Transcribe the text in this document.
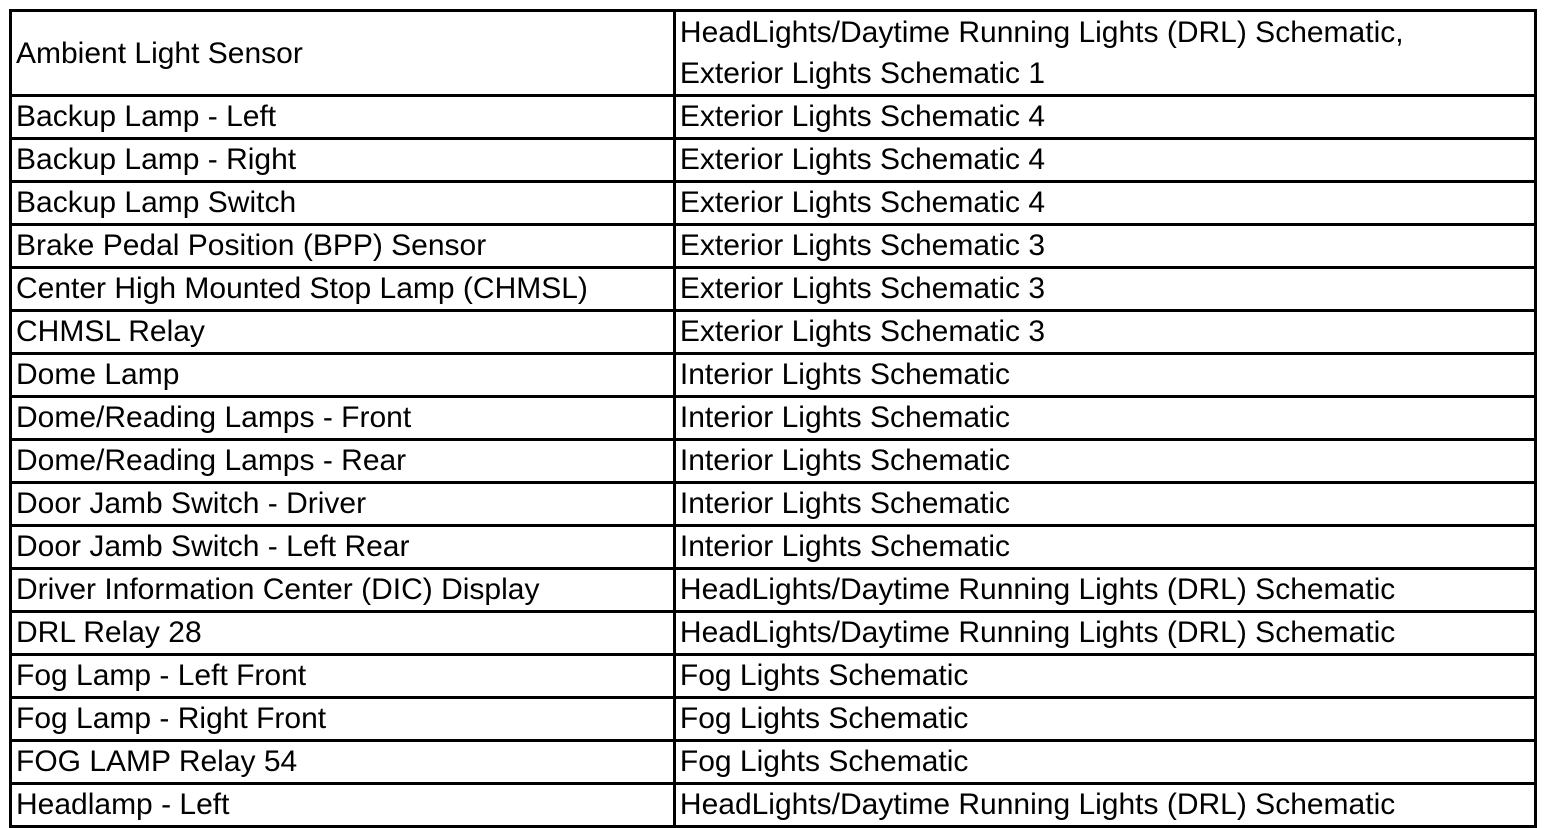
Ambient Light Sensor	HeadLights/Daytime Running Lights (DRL) Schematic,
Exterior Lights Schematic 1

Backup Lamp - Left	Exterior Lights Schematic 4
Backup Lamp - Right	Exterior Lights Schematic 4
Backup Lamp Switch	Exterior Lights Schematic 4
Brake Pedal Position (BPP) Sensor	Exterior Lights Schematic 3
Center High Mounted Stop Lamp (CHMSL)	Exterior Lights Schematic 3
CHMSL Relay	Exterior Lights Schematic 3
Dome Lamp	Interior Lights Schematic
Dome/Reading Lamps - Front	Interior Lights Schematic
Dome/Reading Lamps - Rear	Interior Lights Schematic
Door Jamb Switch - Driver	Interior Lights Schematic
Door Jamb Switch - Left Rear	Interior Lights Schematic
Driver Information Center (DIC) Display	HeadLights/Daytime Running Lights (DRL) Schematic
DRL Relay 28	HeadLights/Daytime Running Lights (DRL) Schematic
Fog Lamp - Left Front	Fog Lights Schematic
Fog Lamp - Right Front	Fog Lights Schematic
FOG LAMP Relay 54	Fog Lights Schematic
Headlamp - Left	HeadLights/Daytime Running Lights (DRL) Schematic
